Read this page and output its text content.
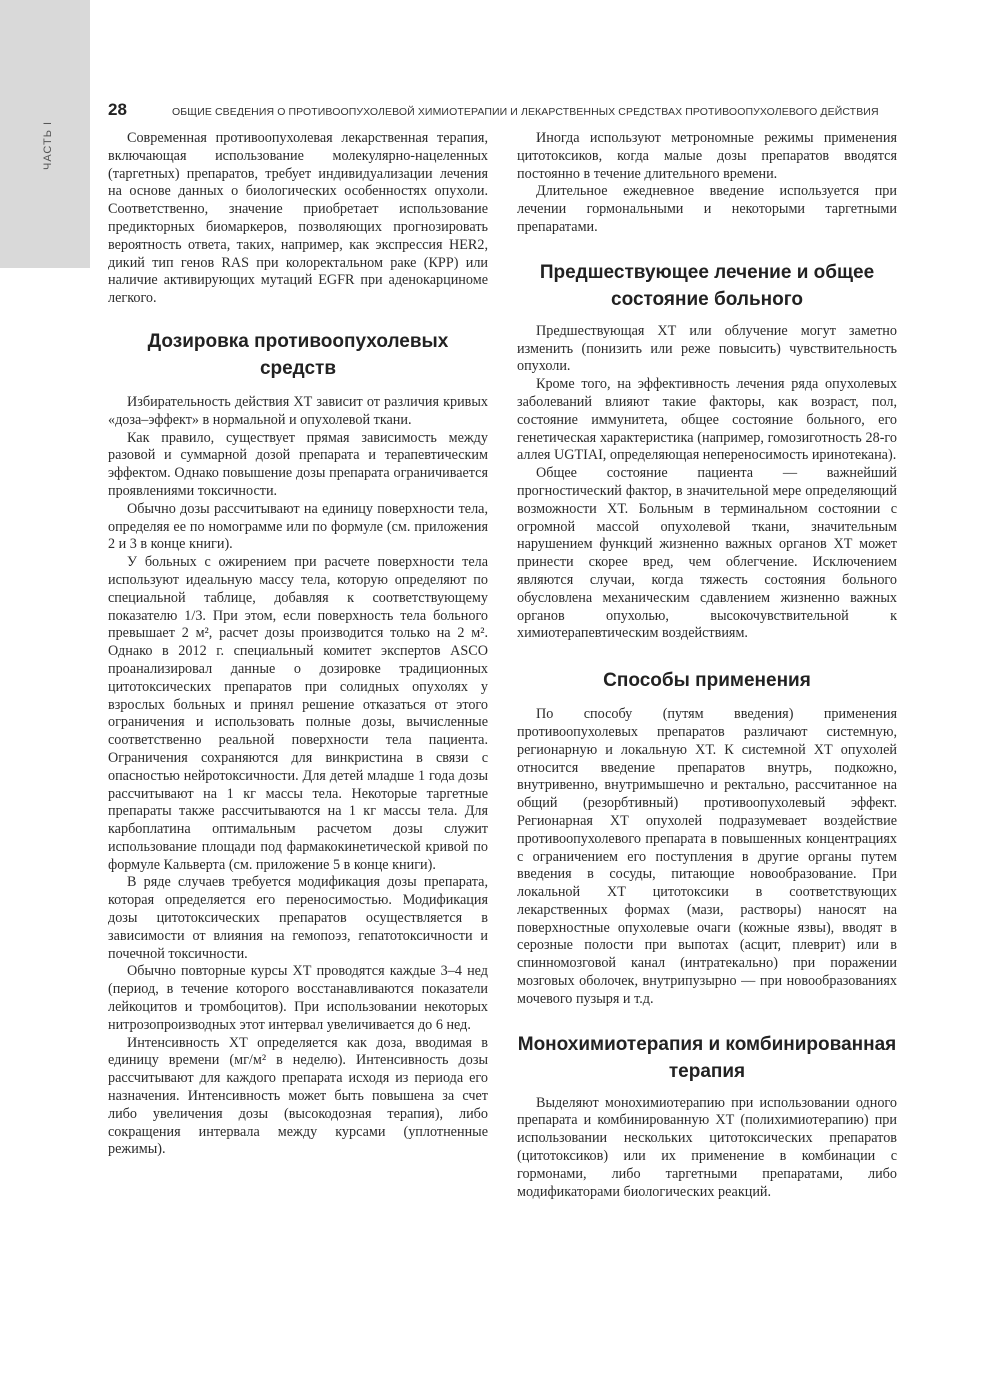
ЧАСТЬ I
28	ОБЩИЕ СВЕДЕНИЯ О ПРОТИВООПУХОЛЕВОЙ ХИМИОТЕРАПИИ И ЛЕКАРСТВЕННЫХ СРЕДСТВАХ ПРОТИВООПУХОЛЕВОГО ДЕЙСТВИЯ

Современная противоопухолевая лекарственная терапия, включающая использование молекулярно-нацеленных (таргетных) препаратов, требует индивидуализации лечения на основе данных о биологических особенностях опухоли. Соответственно, значение приобретает использование предикторных биомаркеров, позволяющих прогнозировать вероятность ответа, таких, например, как экспрессия HER2, дикий тип генов RAS при колоректальном раке (КРР) или наличие активирующих мутаций EGFR при аденокарциноме легкого.

Дозировка противоопухолевых средств

Избирательность действия ХТ зависит от различия кривых «доза–эффект» в нормальной и опухолевой ткани.

Как правило, существует прямая зависимость между разовой и суммарной дозой препарата и терапевтическим эффектом. Однако повышение дозы препарата ограничивается проявлениями токсичности.

Обычно дозы рассчитывают на единицу поверхности тела, определяя ее по номограмме или по формуле (см. приложения 2 и 3 в конце книги).

У больных с ожирением при расчете поверхности тела используют идеальную массу тела, которую определяют по специальной таблице, добавляя к соответствующему показателю 1/3. При этом, если поверхность тела больного превышает 2 м², расчет дозы производится только на 2 м². Однако в 2012 г. специальный комитет экспертов ASCO проанализировал данные о дозировке традиционных цитотоксических препаратов при солидных опухолях у взрослых больных и принял решение отказаться от этого ограничения и использовать полные дозы, вычисленные соответственно реальной поверхности тела пациента. Ограничения сохраняются для винкристина в связи с опасностью нейротоксичности. Для детей младше 1 года дозы рассчитывают на 1 кг массы тела. Некоторые таргетные препараты также рассчитываются на 1 кг массы тела. Для карбоплатина оптимальным расчетом дозы служит использование площади под фармакокинетической кривой по формуле Кальверта (см. приложение 5 в конце книги).

В ряде случаев требуется модификация дозы препарата, которая определяется его переносимостью. Модификация дозы цитотоксических препаратов осуществляется в зависимости от влияния на гемопоэз, гепатотоксичности и почечной токсичности.

Обычно повторные курсы ХТ проводятся каждые 3–4 нед (период, в течение которого восстанавливаются показатели лейкоцитов и тромбоцитов). При использовании некоторых нитрозопроизводных этот интервал увеличивается до 6 нед.

Интенсивность ХТ определяется как доза, вводимая в единицу времени (мг/м² в неделю). Интенсивность дозы рассчитывают для каждого препарата исходя из периода его назначения. Интенсивность может быть повышена за счет либо увеличения дозы (высокодозная терапия), либо сокращения интервала между курсами (уплотненные режимы).

Иногда используют метрономные режимы применения цитотоксиков, когда малые дозы препаратов вводятся постоянно в течение длительного времени.

Длительное ежедневное введение используется при лечении гормональными и некоторыми таргетными препаратами.

Предшествующее лечение и общее состояние больного

Предшествующая ХТ или облучение могут заметно изменить (понизить или реже повысить) чувствительность опухоли.

Кроме того, на эффективность лечения ряда опухолевых заболеваний влияют такие факторы, как возраст, пол, состояние иммунитета, общее состояние больного, его генетическая характеристика (например, гомозиготность 28-го аллея UGTIAI, определяющая непереносимость иринотекана).

Общее состояние пациента — важнейший прогностический фактор, в значительной мере определяющий возможности ХТ. Больным в терминальном состоянии с огромной массой опухолевой ткани, значительным нарушением функций жизненно важных органов ХТ может принести скорее вред, чем облегчение. Исключением являются случаи, когда тяжесть состояния больного обусловлена механическим сдавлением жизненно важных органов опухолью, высокочувствительной к химиотерапевтическим воздействиям.

Способы применения

По способу (путям введения) применения противоопухолевых препаратов различают системную, регионарную и локальную ХТ. К системной ХТ опухолей относится введение препаратов внутрь, подкожно, внутривенно, внутримышечно и ректально, рассчитанное на общий (резорбтивный) противоопухолевый эффект. Регионарная ХТ опухолей подразумевает воздействие противоопухолевого препарата в повышенных концентрациях с ограничением его поступления в другие органы путем введения в сосуды, питающие новообразование. При локальной ХТ цитотоксики в соответствующих лекарственных формах (мази, растворы) наносят на поверхностные опухолевые очаги (кожные язвы), вводят в серозные полости при выпотах (асцит, плеврит) или в спинномозговой канал (интратекально) при поражении мозговых оболочек, внутрипузырно — при новообразованиях мочевого пузыря и т.д.

Монохимиотерапия и комбинированная терапия

Выделяют монохимиотерапию при использовании одного препарата и комбинированную ХТ (полихимиотерапию) при использовании нескольких цитотоксических препаратов (цитотоксиков) или их применение в комбинации с гормонами, либо таргетными препаратами, либо модификаторами биологических реакций.
